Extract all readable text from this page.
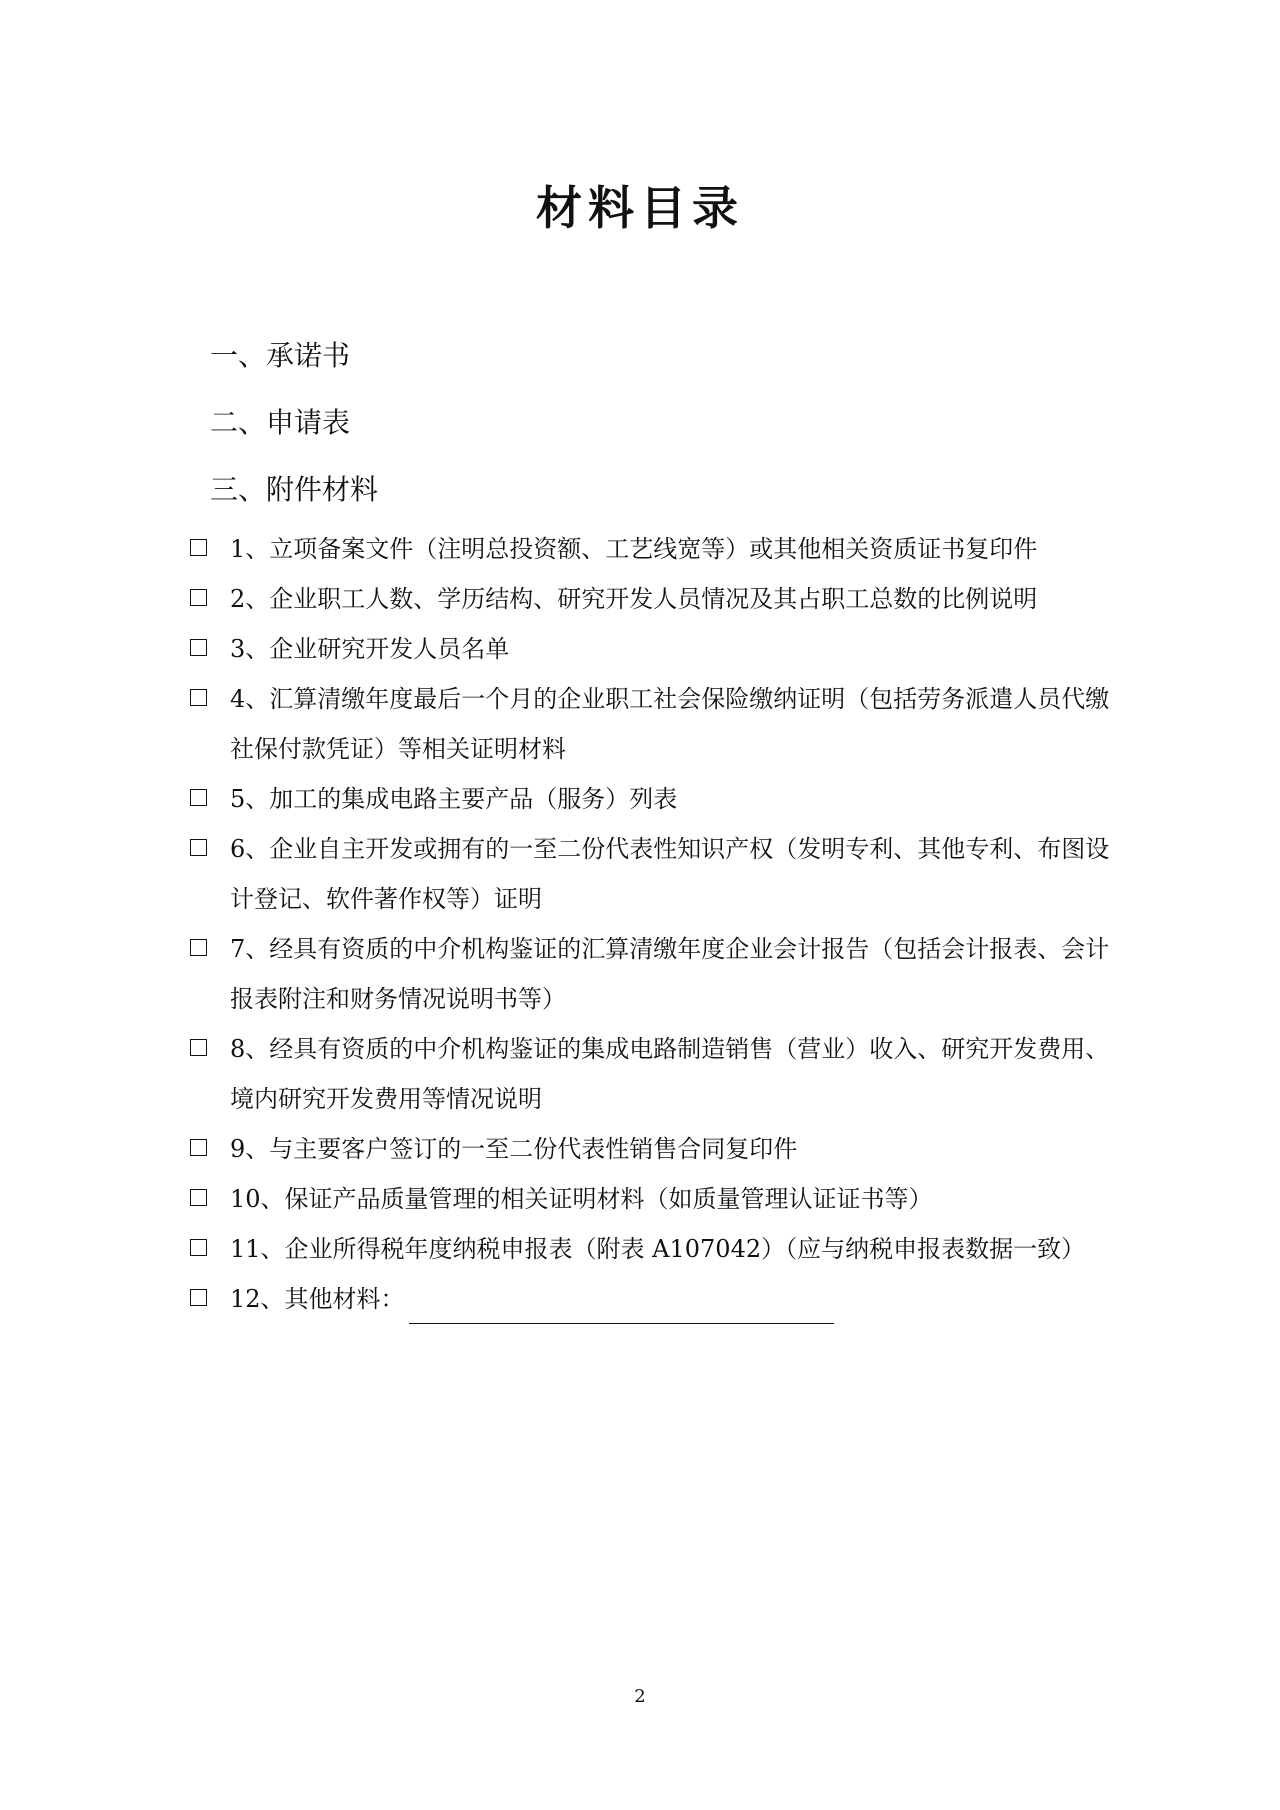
材料目录
一、承诺书
二、申请表
三、附件材料
1、立项备案文件（注明总投资额、工艺线宽等）或其他相关资质证书复印件
2、企业职工人数、学历结构、研究开发人员情况及其占职工总数的比例说明
3、企业研究开发人员名单
4、汇算清缴年度最后一个月的企业职工社会保险缴纳证明（包括劳务派遣人员代缴社保付款凭证）等相关证明材料
5、加工的集成电路主要产品（服务）列表
6、企业自主开发或拥有的一至二份代表性知识产权（发明专利、其他专利、布图设计登记、软件著作权等）证明
7、经具有资质的中介机构鉴证的汇算清缴年度企业会计报告（包括会计报表、会计报表附注和财务情况说明书等）
8、经具有资质的中介机构鉴证的集成电路制造销售（营业）收入、研究开发费用、境内研究开发费用等情况说明
9、与主要客户签订的一至二份代表性销售合同复印件
10、保证产品质量管理的相关证明材料（如质量管理认证证书等）
11、企业所得税年度纳税申报表（附表 A107042）（应与纳税申报表数据一致）
12、其他材料：
2
